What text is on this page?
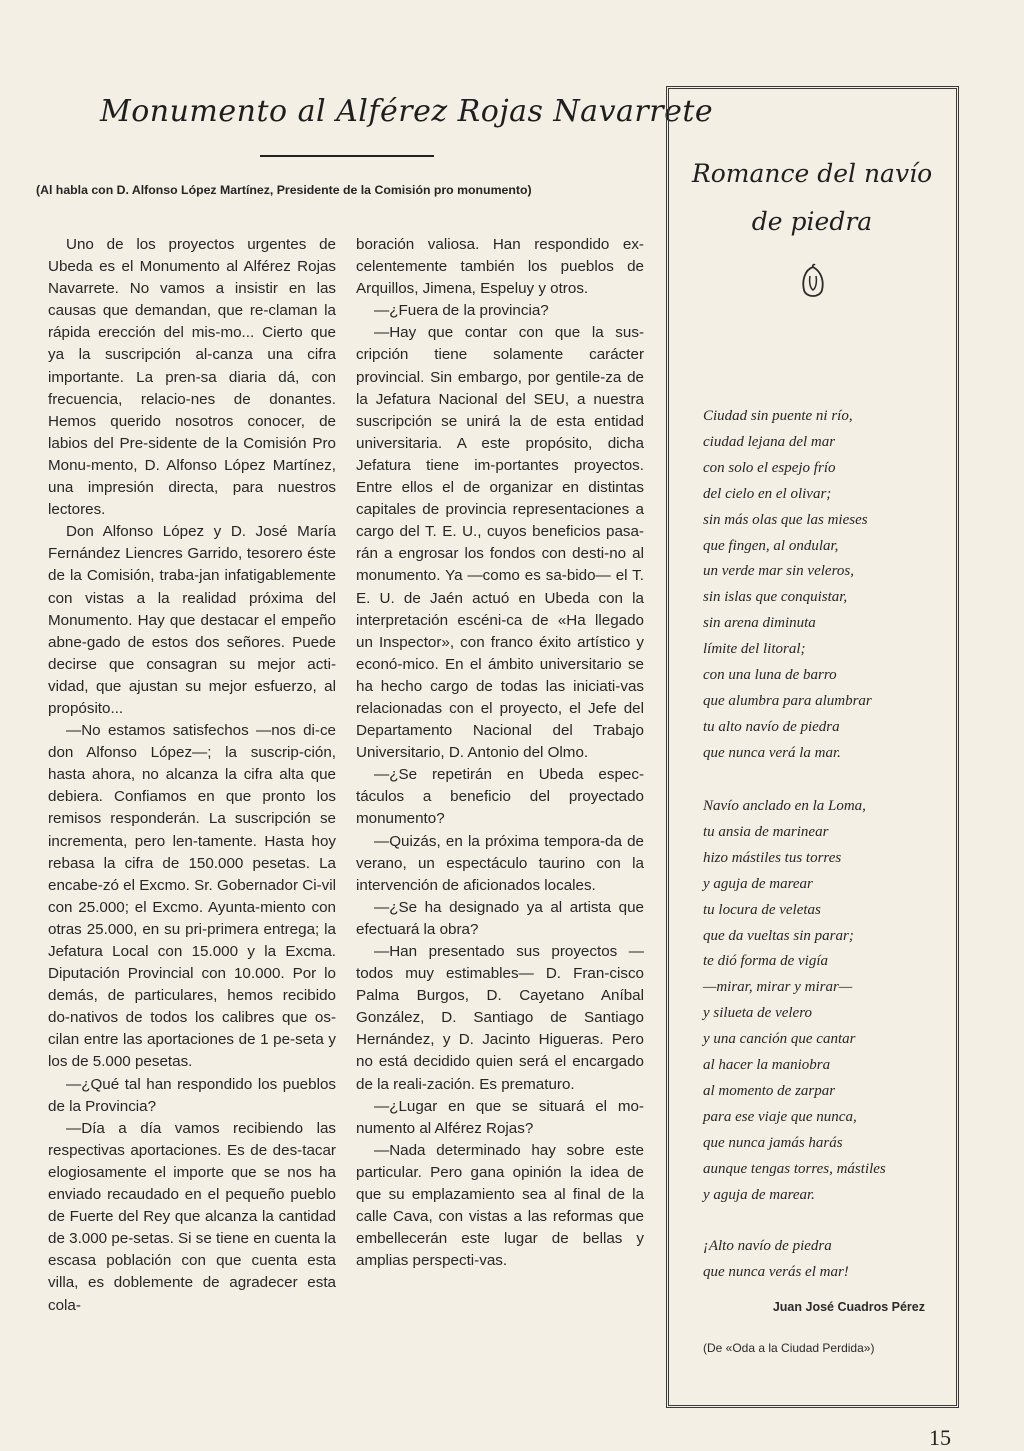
Monumento al Alférez Rojas Navarrete

(Al habla con D. Alfonso López Martínez, Presidente de la Comisión pro monumento)

Uno de los proyectos urgentes de Ubeda es el Monumento al Alférez Rojas Navarrete. No vamos a insistir en las causas que demandan, que re-claman la rápida erección del mis-mo... Cierto que ya la suscripción al-canza una cifra importante. La pren-sa diaria dá, con frecuencia, relacio-nes de donantes. Hemos querido nosotros conocer, de labios del Pre-sidente de la Comisión Pro Monu-mento, D. Alfonso López Martínez, una impresión directa, para nuestros lectores.

Don Alfonso López y D. José María Fernández Liencres Garrido, tesorero éste de la Comisión, traba-jan infatigablemente con vistas a la realidad próxima del Monumento. Hay que destacar el empeño abne-gado de estos dos señores. Puede decirse que consagran su mejor acti-vidad, que ajustan su mejor esfuerzo, al propósito...

—No estamos satisfechos —nos di-ce don Alfonso López—; la suscrip-ción, hasta ahora, no alcanza la cifra alta que debiera. Confiamos en que pronto los remisos responderán. La suscripción se incrementa, pero len-tamente. Hasta hoy rebasa la cifra de 150.000 pesetas. La encabe-zó el Excmo. Sr. Gobernador Ci-vil con 25.000; el Excmo. Ayunta-miento con otras 25.000, en su pri-primera entrega; la Jefatura Local con 15.000 y la Excma. Diputación Provincial con 10.000. Por lo demás, de particulares, hemos recibido do-nativos de todos los calibres que os-cilan entre las aportaciones de 1 pe-seta y los de 5.000 pesetas.

—¿Qué tal han respondido los pueblos de la Provincia?

—Día a día vamos recibiendo las respectivas aportaciones. Es de des-tacar elogiosamente el importe que se nos ha enviado recaudado en el pequeño pueblo de Fuerte del Rey que alcanza la cantidad de 3.000 pe-setas. Si se tiene en cuenta la escasa población con que cuenta esta villa, es doblemente de agradecer esta cola-

boración valiosa. Han respondido ex-celentemente también los pueblos de Arquillos, Jimena, Espeluy y otros.

—¿Fuera de la provincia?

—Hay que contar con que la sus-cripción tiene solamente carácter provincial. Sin embargo, por gentile-za de la Jefatura Nacional del SEU, a nuestra suscripción se unirá la de esta entidad universitaria. A este propósito, dicha Jefatura tiene im-portantes proyectos. Entre ellos el de organizar en distintas capitales de provincia representaciones a cargo del T. E. U., cuyos beneficios pasa-rán a engrosar los fondos con desti-no al monumento. Ya —como es sa-bido— el T. E. U. de Jaén actuó en Ubeda con la interpretación escéni-ca de «Ha llegado un Inspector», con franco éxito artístico y econó-mico. En el ámbito universitario se ha hecho cargo de todas las iniciati-vas relacionadas con el proyecto, el Jefe del Departamento Nacional del Trabajo Universitario, D. Antonio del Olmo.

—¿Se repetirán en Ubeda espec-táculos a beneficio del proyectado monumento?

—Quizás, en la próxima tempora-da de verano, un espectáculo taurino con la intervención de aficionados locales.

—¿Se ha designado ya al artista que efectuará la obra?

—Han presentado sus proyectos —todos muy estimables— D. Fran-cisco Palma Burgos, D. Cayetano Aníbal González, D. Santiago de Santiago Hernández, y D. Jacinto Higueras. Pero no está decidido quien será el encargado de la reali-zación. Es prematuro.

—¿Lugar en que se situará el mo-numento al Alférez Rojas?

—Nada determinado hay sobre este particular. Pero gana opinión la idea de que su emplazamiento sea al final de la calle Cava, con vistas a las reformas que embellecerán este lugar de bellas y amplias perspecti-vas.

Romance del navío
de piedra
Ciudad sin puente ni río,
ciudad lejana del mar
con solo el espejo frío
del cielo en el olivar;
sin más olas que las mieses
que fingen, al ondular,
un verde mar sin veleros,
sin islas que conquistar,
sin arena diminuta
límite del litoral;
con una luna de barro
que alumbra para alumbrar
tu alto navío de piedra
que nunca verá la mar.
Navío anclado en la Loma,
tu ansia de marinear
hizo mástiles tus torres
y aguja de marear
tu locura de veletas
que da vueltas sin parar;
te dió forma de vigía
—mirar, mirar y mirar—
y silueta de velero
y una canción que cantar
al hacer la maniobra
al momento de zarpar
para ese viaje que nunca,
que nunca jamás harás
aunque tengas torres, mástiles
y aguja de marear.
¡Alto navío de piedra
que nunca verás el mar!

Juan José Cuadros Pérez

(De «Oda a la Ciudad Perdida»)

15
